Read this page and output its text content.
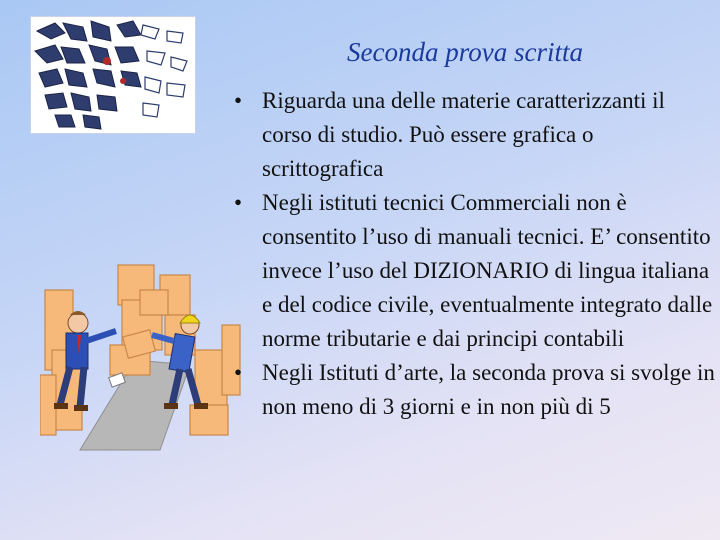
Seconda prova scritta
• Riguarda una delle materie caratterizzanti il corso di studio. Può essere grafica o scrittografica
• Negli istituti tecnici Commerciali non è consentito l’uso di manuali tecnici. E’ consentito invece l’uso del DIZIONARIO di lingua italiana e del codice civile, eventualmente integrato dalle norme tributarie e dai principi contabili
• Negli Istituti d’arte, la seconda prova si svolge in non meno di 3 giorni e in non più di 5
